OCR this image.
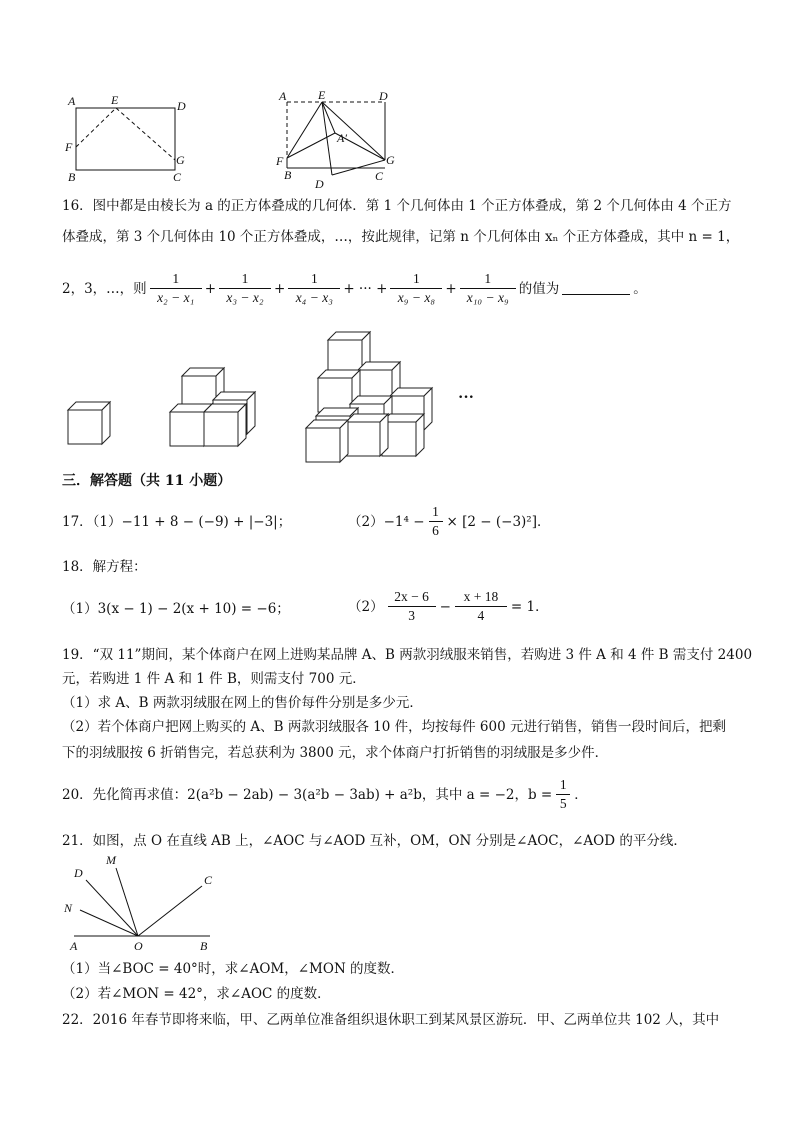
A	E	D
F
G
B	C
A	E	D
A′
F	G
B	C
D
16．图中都是由棱长为 a 的正方体叠成的几何体．第 1 个几何体由 1 个正方体叠成，第 2 个几何体由 4 个正方
体叠成，第 3 个几何体由 10 个正方体叠成，…，按此规律，记第 n 个几何体由 xₙ 个正方体叠成，其中 n = 1，
2，3，…，则 $\frac{1}{\text{x₂ − x₁}} + \frac{1}{\text{x₃ − x₂}} + \frac{1}{\text{x₄ − x₃}}$ + ··· + $\frac{1}{\text{x₉ − x₈}} + \frac{1}{\text{x₁₀ − x₉}}$ 的值为	。
···
三．解答题（共 11 小题）
17．（1）−11 + 8 − (−9) + |−3|；	$(2)-1^4 - \frac{1}{6} \times [2 - (-3)^2]$．
18．解方程：
（1）3(x − 1) − 2(x + 10) = −6；	$(2) \frac{2x - 6}{3} - \frac{x + 18}{4} = 1$．
19．“双 11”期间，某个体商户在网上进购某品牌 A、B 两款羽绒服来销售，若购进 3 件 A 和 4 件 B 需支付 2400
元，若购进 1 件 A 和 1 件 B，则需支付 700 元．
（1）求 A、B 两款羽绒服在网上的售价每件分别是多少元．
（2）若个体商户把网上购买的 A、B 两款羽绒服各 10 件，均按每件 600 元进行销售，销售一段时间后，把剩
下的羽绒服按 6 折销售完，若总获利为 3800 元，求个体商户打折销售的羽绒服是多少件．
20．先化简再求值：2(a²b − 2ab) − 3(a²b − 3ab) + a²b，其中 a = −2，$b = \frac{1}{5}$ ．
21．如图，点 O 在直线 AB 上，∠AOC 与∠AOD 互补，OM，ON 分别是∠AOC，∠AOD 的平分线．
D
M
N
C
A	O	B
（1）当∠BOC = 40°时，求∠AOM，∠MON 的度数．
（2）若∠MON = 42°，求∠AOC 的度数．
22．2016 年春节即将来临，甲、乙两单位准备组织退休职工到某风景区游玩．甲、乙两单位共 102 人，其中
